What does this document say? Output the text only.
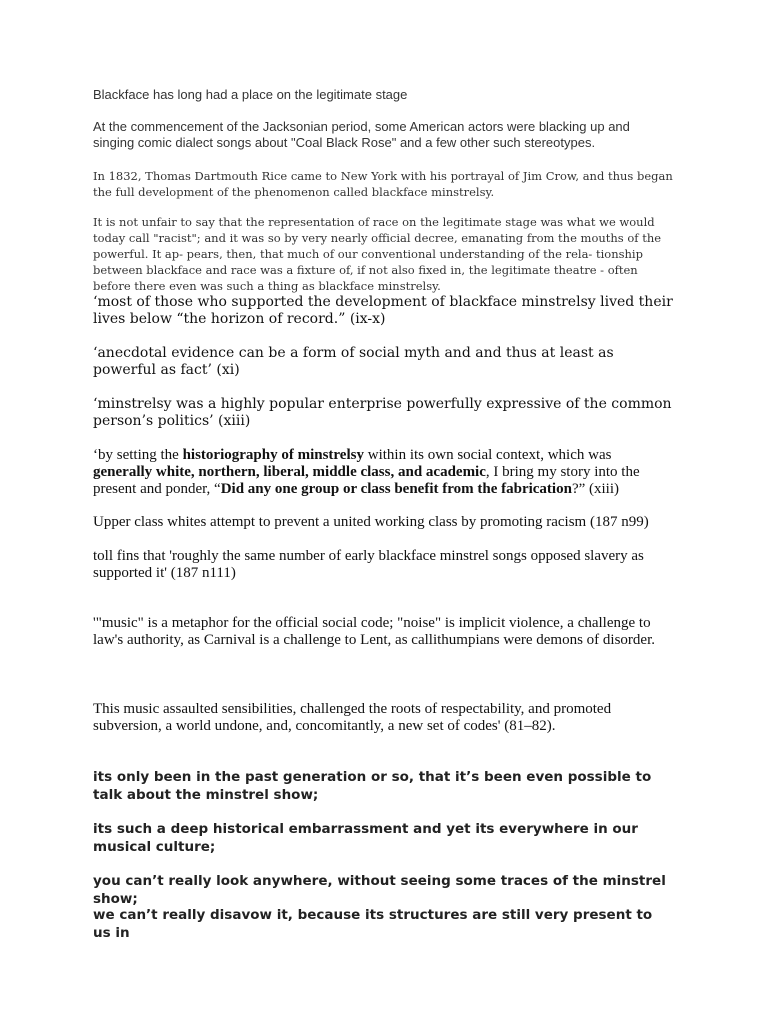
Blackface has long had a place on the legitimate stage

At the commencement of the Jacksonian period, some American actors were blacking up and singing comic dialect songs about "Coal Black Rose" and a few other such stereotypes.

In 1832, Thomas Dartmouth Rice came to New York with his portrayal of Jim Crow, and thus began the full development of the phenomenon called blackface minstrelsy.

It is not unfair to say that the representation of race on the legitimate stage was what we would today call "racist"; and it was so by very nearly official decree, emanating from the mouths of the powerful. It ap- pears, then, that much of our conventional understanding of the rela- tionship between blackface and race was a fixture of, if not also fixed in, the legitimate theatre - often before there even was such a thing as blackface minstrelsy.

‘most of those who supported the development of blackface minstrelsy lived their lives below “the horizon of record.” (ix-x)

‘anecdotal evidence can be a form of social myth and and thus at least as powerful as fact’ (xi)

‘minstrelsy was a highly popular enterprise powerfully expressive of the common person’s politics’ (xiii)

‘by setting the historiography of minstrelsy within its own social context, which was generally white, northern, liberal, middle class, and academic, I bring my story into the present and ponder, “Did any one group or class benefit from the fabrication?” (xiii)

Upper class whites attempt to prevent a united working class by promoting racism (187 n99)

toll fins that 'roughly the same number of early blackface minstrel songs opposed slavery as supported it' (187 n111)

'"music" is a metaphor for the official social code; "noise" is implicit violence, a challenge to law's authority, as Carnival is a challenge to Lent, as callithumpians were demons of disorder.

This music assaulted sensibilities, challenged the roots of respectability, and promoted subversion, a world undone, and, concomitantly, a new set of codes' (81–82).

its only been in the past generation or so, that it’s been even possible to talk about the minstrel show;

its such a deep historical embarrassment and yet its everywhere in our musical culture;

you can’t really look anywhere, without seeing some traces of the minstrel show;

we can’t really disavow it, because its structures are still very present to us in
